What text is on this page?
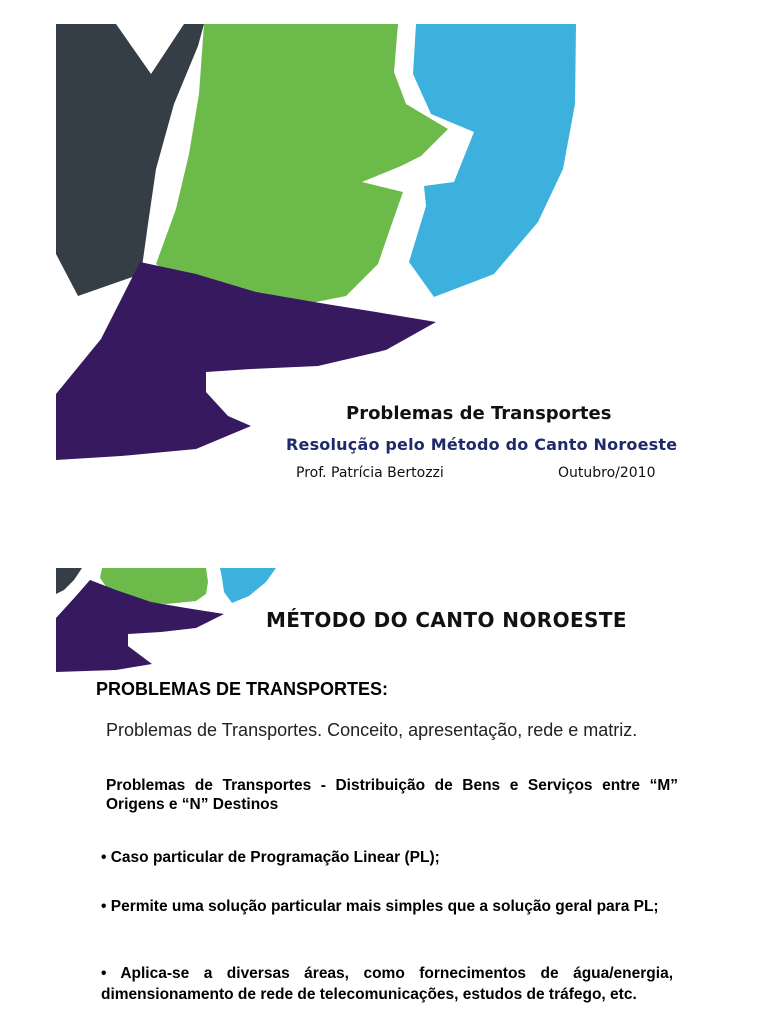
Problemas de Transportes
Resolução pelo Método do Canto Noroeste
Prof. Patrícia Bertozzi	Outubro/2010
MÉTODO DO CANTO NOROESTE
PROBLEMAS DE TRANSPORTES:
Problemas de Transportes. Conceito, apresentação, rede e matriz.
Problemas de Transportes - Distribuição de Bens e Serviços entre “M” Origens e “N” Destinos
• Caso particular de Programação Linear (PL);
• Permite uma solução particular mais simples que a solução geral para PL;
• Aplica-se a diversas áreas, como fornecimentos de água/energia, dimensionamento de rede de telecomunicações, estudos de tráfego, etc.
